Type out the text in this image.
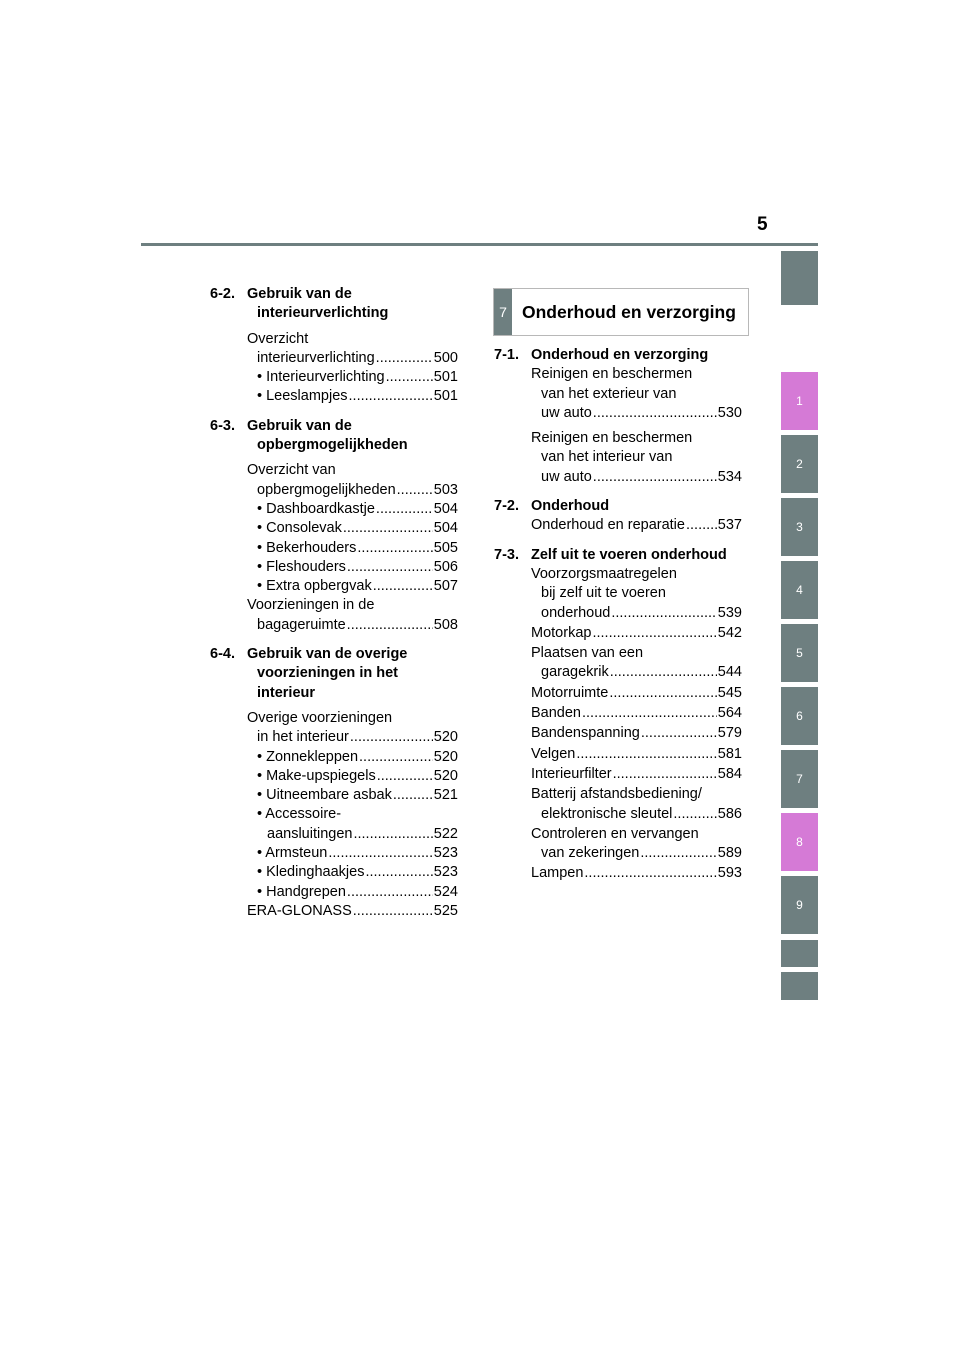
5
1
2
3
4
5
6
7
8
9
6-2. Gebruik van de interieurverlichting
Overzicht
interieurverlichting .....	500
• Interieurverlichting .....	501
• Leeslampjes .....	501
6-3. Gebruik van de opbergmogelijkheden
Overzicht van
opbergmogelijkheden .....	503
• Dashboardkastje .....	504
• Consolevak .....	504
• Bekerhouders .....	505
• Fleshouders .....	506
• Extra opbergvak .....	507
Voorzieningen in de
bagageruimte .....	508
6-4. Gebruik van de overige voorzieningen in het interieur
Overige voorzieningen
in het interieur .....	520
• Zonnekleppen .....	520
• Make-upspiegels .....	520
• Uitneembare asbak .....	521
• Accessoire-
aansluitingen .....	522
• Armsteun .....	523
• Kledinghaakjes .....	523
• Handgrepen .....	524
ERA-GLONASS .....	525
7 Onderhoud en verzorging
7-1. Onderhoud en verzorging
Reinigen en beschermen
van het exterieur van
uw auto .....	530
Reinigen en beschermen
van het interieur van
uw auto .....	534
7-2. Onderhoud
Onderhoud en reparatie ..... 537
7-3. Zelf uit te voeren onderhoud
Voorzorgsmaatregelen
bij zelf uit te voeren
onderhoud .....	539
Motorkap .....	542
Plaatsen van een
garagekrik .....	544
Motorruimte .....	545
Banden .....	564
Bandenspanning .....	579
Velgen .....	581
Interieurfilter .....	584
Batterij afstandsbediening/
elektronische sleutel .....	586
Controleren en vervangen
van zekeringen .....	589
Lampen .....	593
